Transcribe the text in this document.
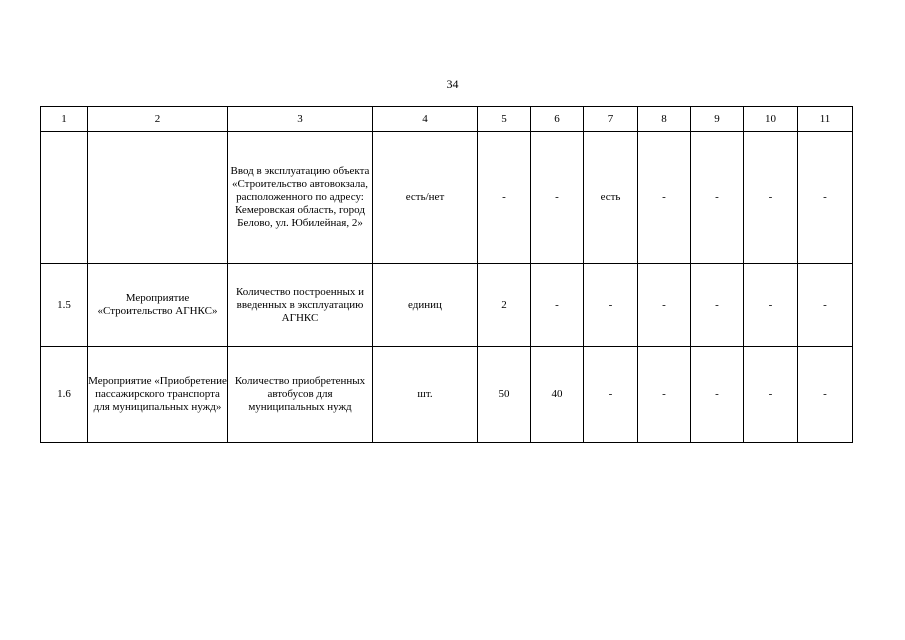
34
1	2	3	4	5	6	7	8	9	10	11
		Ввод в эксплуатацию объекта «Строительство автовокзала, расположенного по адресу: Кемеровская область, город Белово, ул. Юбилейная, 2»	есть/нет	-	-	есть	-	-	-	-
1.5	Мероприятие «Строительство АГНКС»	Количество построенных и введенных в эксплуатацию АГНКС	единиц	2	-	-	-	-	-	-
1.6	Мероприятие «Приобретение пассажирского транспорта для муниципальных нужд»	Количество приобретенных автобусов для муниципальных нужд	шт.	50	40	-	-	-	-	-
